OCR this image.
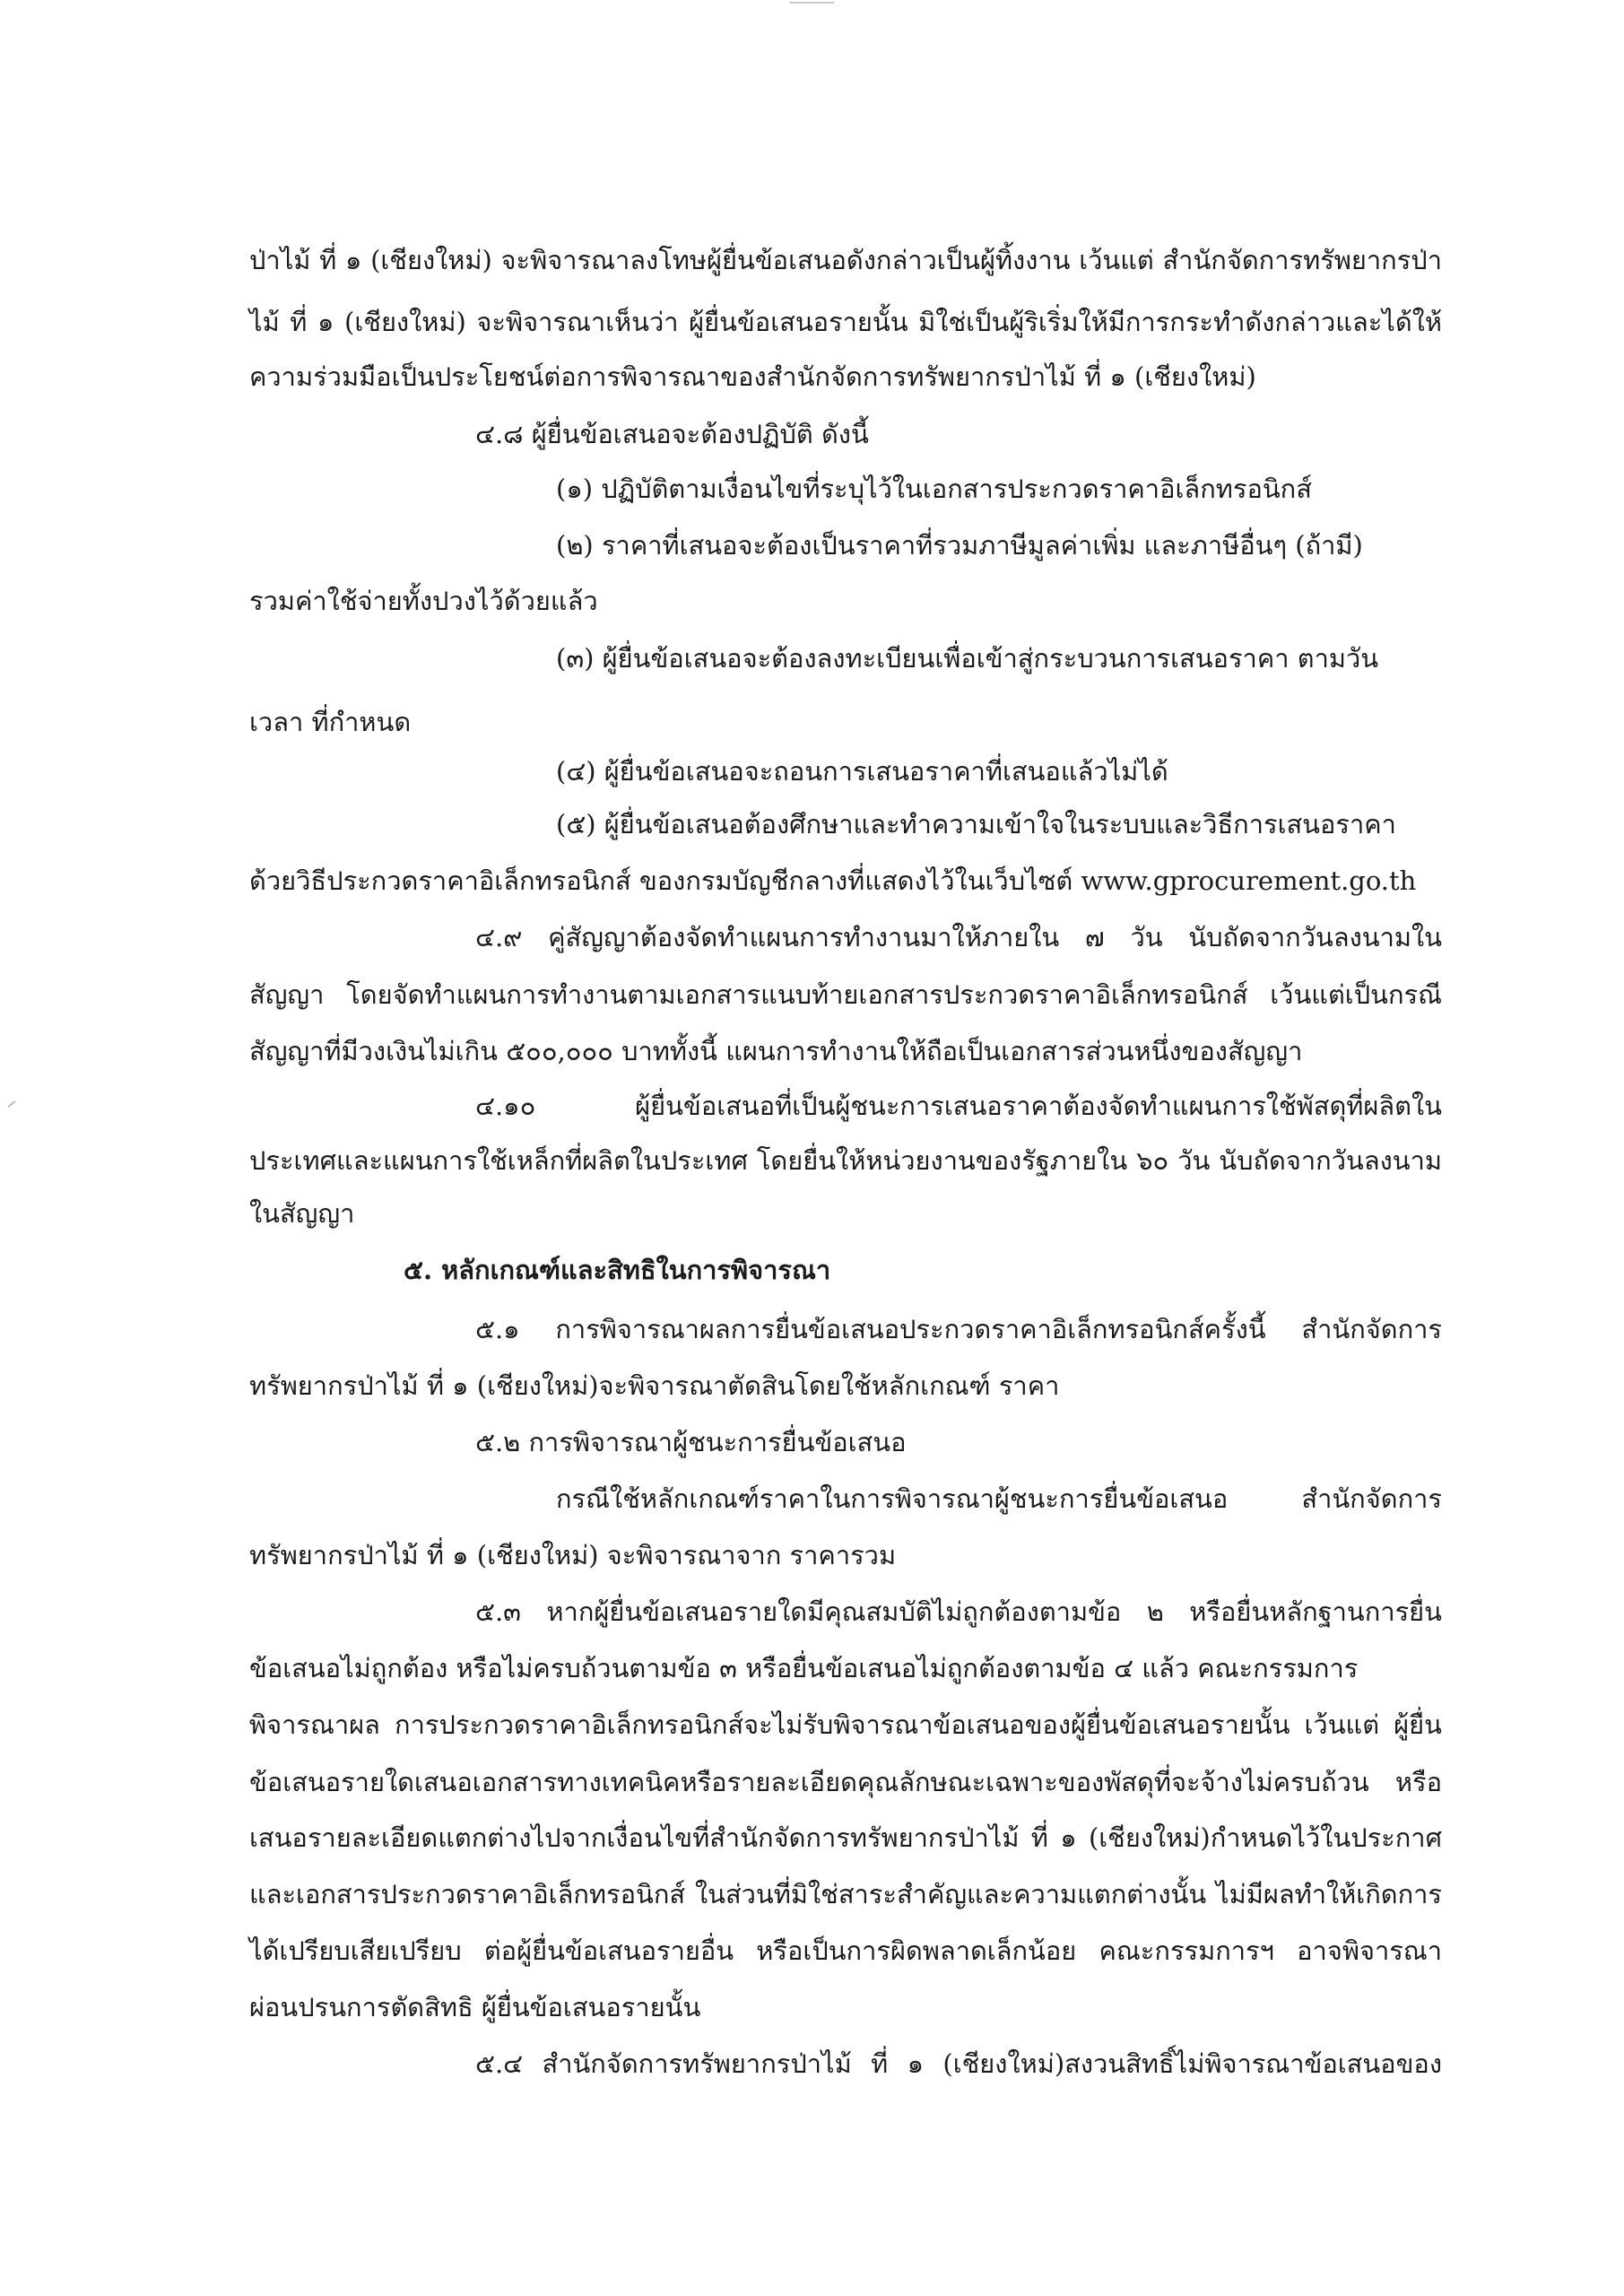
ป่าไม้ ที่ ๑ (เชียงใหม่) จะพิจารณาลงโทษผู้ยื่นข้อเสนอดังกล่าวเป็นผู้ทิ้งงาน เว้นแต่ สำนักจัดการทรัพยากรป่า

ไม้ ที่ ๑ (เชียงใหม่) จะพิจารณาเห็นว่า ผู้ยื่นข้อเสนอรายนั้น มิใช่เป็นผู้ริเริ่มให้มีการกระทำดังกล่าวและได้ให้

ความร่วมมือเป็นประโยชน์ต่อการพิจารณาของสำนักจัดการทรัพยากรป่าไม้ ที่ ๑ (เชียงใหม่)

๔.๘ ผู้ยื่นข้อเสนอจะต้องปฏิบัติ ดังนี้

(๑) ปฏิบัติตามเงื่อนไขที่ระบุไว้ในเอกสารประกวดราคาอิเล็กทรอนิกส์

(๒) ราคาที่เสนอจะต้องเป็นราคาที่รวมภาษีมูลค่าเพิ่ม และภาษีอื่นๆ (ถ้ามี)

รวมค่าใช้จ่ายทั้งปวงไว้ด้วยแล้ว

(๓) ผู้ยื่นข้อเสนอจะต้องลงทะเบียนเพื่อเข้าสู่กระบวนการเสนอราคา ตามวัน

เวลา ที่กำหนด

(๔) ผู้ยื่นข้อเสนอจะถอนการเสนอราคาที่เสนอแล้วไม่ได้

(๕) ผู้ยื่นข้อเสนอต้องศึกษาและทำความเข้าใจในระบบและวิธีการเสนอราคา

ด้วยวิธีประกวดราคาอิเล็กทรอนิกส์ ของกรมบัญชีกลางที่แสดงไว้ในเว็บไซต์ www.gprocurement.go.th

๔.๙ คู่สัญญาต้องจัดทำแผนการทำงานมาให้ภายใน ๗ วัน นับถัดจากวันลงนามใน

สัญญา โดยจัดทำแผนการทำงานตามเอกสารแนบท้ายเอกสารประกวดราคาอิเล็กทรอนิกส์ เว้นแต่เป็นกรณี

สัญญาที่มีวงเงินไม่เกิน ๕๐๐,๐๐๐ บาททั้งนี้ แผนการทำงานให้ถือเป็นเอกสารส่วนหนึ่งของสัญญา

๔.๑๐ ผู้ยื่นข้อเสนอที่เป็นผู้ชนะการเสนอราคาต้องจัดทำแผนการใช้พัสดุที่ผลิตใน

ประเทศและแผนการใช้เหล็กที่ผลิตในประเทศ โดยยื่นให้หน่วยงานของรัฐภายใน ๖๐ วัน นับถัดจากวันลงนาม

ในสัญญา

๕. หลักเกณฑ์และสิทธิในการพิจารณา

๕.๑ การพิจารณาผลการยื่นข้อเสนอประกวดราคาอิเล็กทรอนิกส์ครั้งนี้ สำนักจัดการ

ทรัพยากรป่าไม้ ที่ ๑ (เชียงใหม่)จะพิจารณาตัดสินโดยใช้หลักเกณฑ์ ราคา

๕.๒ การพิจารณาผู้ชนะการยื่นข้อเสนอ

กรณีใช้หลักเกณฑ์ราคาในการพิจารณาผู้ชนะการยื่นข้อเสนอ สำนักจัดการ

ทรัพยากรป่าไม้ ที่ ๑ (เชียงใหม่) จะพิจารณาจาก ราคารวม

๕.๓ หากผู้ยื่นข้อเสนอรายใดมีคุณสมบัติไม่ถูกต้องตามข้อ ๒ หรือยื่นหลักฐานการยื่น

ข้อเสนอไม่ถูกต้อง หรือไม่ครบถ้วนตามข้อ ๓ หรือยื่นข้อเสนอไม่ถูกต้องตามข้อ ๔ แล้ว คณะกรรมการ

พิจารณาผล การประกวดราคาอิเล็กทรอนิกส์จะไม่รับพิจารณาข้อเสนอของผู้ยื่นข้อเสนอรายนั้น เว้นแต่ ผู้ยื่น

ข้อเสนอรายใดเสนอเอกสารทางเทคนิคหรือรายละเอียดคุณลักษณะเฉพาะของพัสดุที่จะจ้างไม่ครบถ้วน หรือ

เสนอรายละเอียดแตกต่างไปจากเงื่อนไขที่สำนักจัดการทรัพยากรป่าไม้ ที่ ๑ (เชียงใหม่)กำหนดไว้ในประกาศ

และเอกสารประกวดราคาอิเล็กทรอนิกส์ ในส่วนที่มิใช่สาระสำคัญและความแตกต่างนั้น ไม่มีผลทำให้เกิดการ

ได้เปรียบเสียเปรียบ ต่อผู้ยื่นข้อเสนอรายอื่น หรือเป็นการผิดพลาดเล็กน้อย คณะกรรมการฯ อาจพิจารณา

ผ่อนปรนการตัดสิทธิ ผู้ยื่นข้อเสนอรายนั้น

๕.๔ สำนักจัดการทรัพยากรป่าไม้ ที่ ๑ (เชียงใหม่)สงวนสิทธิ์ไม่พิจารณาข้อเสนอของ
